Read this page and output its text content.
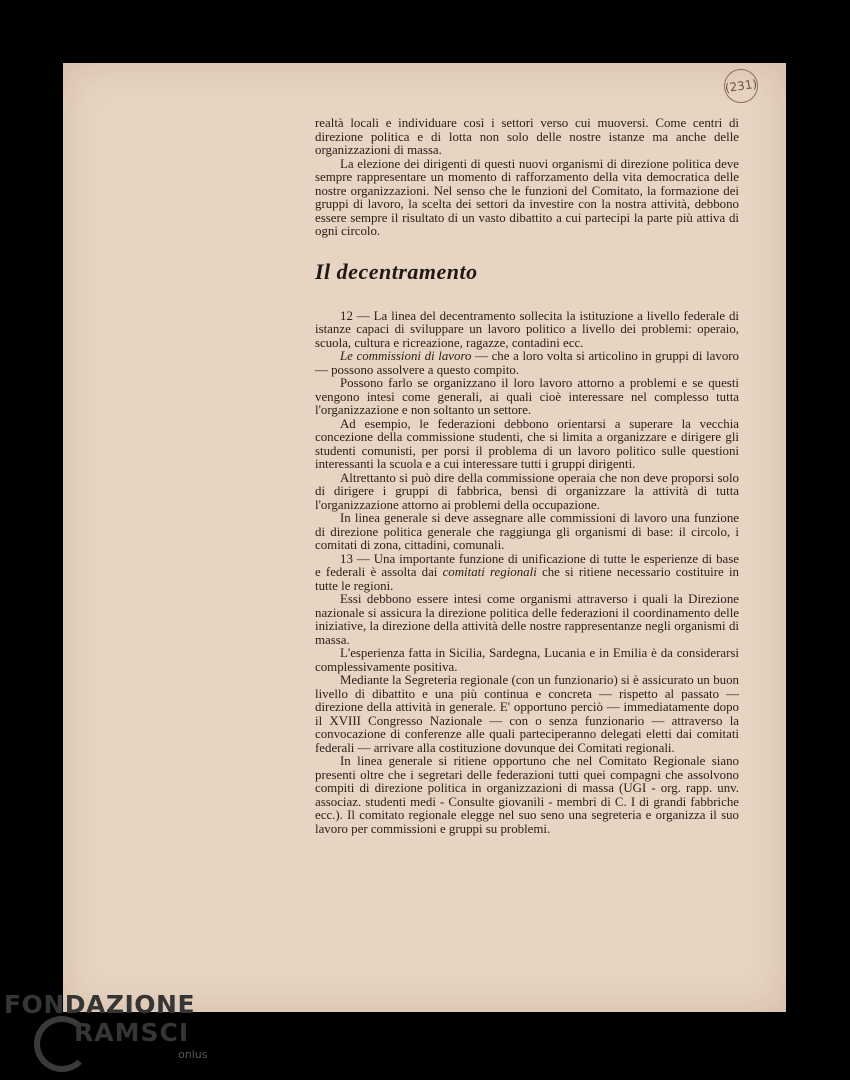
(231)

realtà locali e individuare così i settori verso cui muoversi. Come centri di direzione politica e di lotta non solo delle nostre istanze ma anche delle organizzazioni di massa.

La elezione dei dirigenti di questi nuovi organismi di direzione politica deve sempre rappresentare un momento di rafforzamento della vita democratica delle nostre organizzazioni. Nel senso che le funzioni del Comitato, la formazione dei gruppi di lavoro, la scelta dei settori da investire con la nostra attività, debbono essere sempre il risultato di un vasto dibattito a cui partecipi la parte più attiva di ogni circolo.

Il decentramento

12 — La linea del decentramento sollecita la istituzione a livello federale di istanze capaci di sviluppare un lavoro politico a livello dei problemi: operaio, scuola, cultura e ricreazione, ragazze, contadini ecc.

Le commissioni di lavoro — che a loro volta si articolino in gruppi di lavoro — possono assolvere a questo compito.

Possono farlo se organizzano il loro lavoro attorno a problemi e se questi vengono intesi come generali, ai quali cioè interessare nel complesso tutta l'organizzazione e non soltanto un settore.

Ad esempio, le federazioni debbono orientarsi a superare la vecchia concezione della commissione studenti, che si limita a organizzare e dirigere gli studenti comunisti, per porsi il problema di un lavoro politico sulle questioni interessanti la scuola e a cui interessare tutti i gruppi dirigenti.

Altrettanto si può dire della commissione operaia che non deve proporsi solo di dirigere i gruppi di fabbrica, bensì di organizzare la attività di tutta l'organizzazione attorno ai problemi della occupazione.

In linea generale si deve assegnare alle commissioni di lavoro una funzione di direzione politica generale che raggiunga gli organismi di base: il circolo, i comitati di zona, cittadini, comunali.

13 — Una importante funzione di unificazione di tutte le esperienze di base e federali è assolta dai comitati regionali che si ritiene necessario costituire in tutte le regioni.

Essi debbono essere intesi come organismi attraverso i quali la Direzione nazionale si assicura la direzione politica delle federazioni il coordinamento delle iniziative, la direzione della attività delle nostre rappresentanze negli organismi di massa.

L'esperienza fatta in Sicilia, Sardegna, Lucania e in Emilia è da considerarsi complessivamente positiva.

Mediante la Segreteria regionale (con un funzionario) si è assicurato un buon livello di dibattito e una più continua e concreta — rispetto al passato — direzione della attività in generale. E' opportuno perciò — immediatamente dopo il XVIII Congresso Nazionale — con o senza funzionario — attraverso la convocazione di conferenze alle quali parteciperanno delegati eletti dai comitati federali — arrivare alla costituzione dovunque dei Comitati regionali.

In linea generale si ritiene opportuno che nel Comitato Regionale siano presenti oltre che i segretari delle federazioni tutti quei compagni che assolvono compiti di direzione politica in organizzazioni di massa (UGI - org. rapp. unv. associaz. studenti medi - Consulte giovanili - membri di C. I di grandi fabbriche ecc.). Il comitato regionale elegge nel suo seno una segreteria e organizza il suo lavoro per commissioni e gruppi su problemi.

FONDAZIONE
RAMSCI
onlus
